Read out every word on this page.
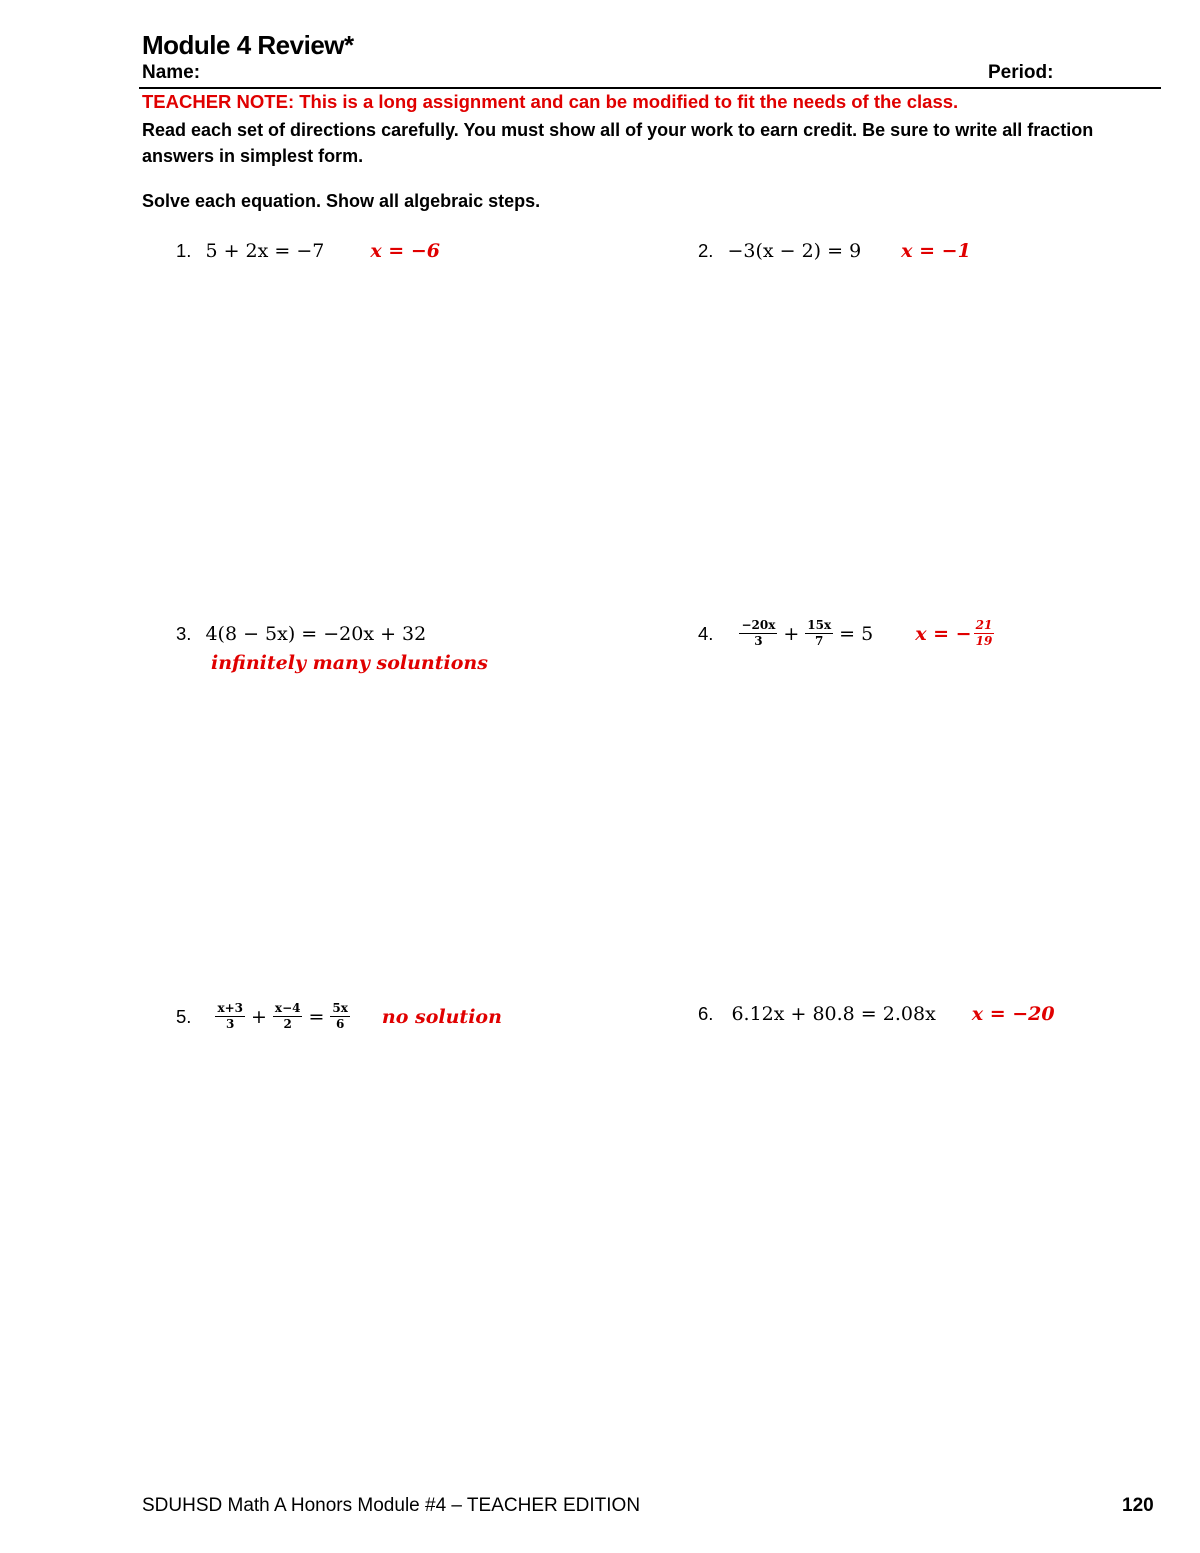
Module 4 Review*
Name:	Period:
TEACHER NOTE: This is a long assignment and can be modified to fit the needs of the class.
Read each set of directions carefully. You must show all of your work to earn credit. Be sure to write all fraction answers in simplest form.
Solve each equation. Show all algebraic steps.
1. 5 + 2x = −7 x = −6	2. −3(x − 2) = 9 x = −1
3. 4(8 − 5x) = −20x + 32
infinitely many soluntions
4. $\frac{-20x}{3} + \frac{15x}{7} = 5$ x = − $\frac{21}{19}$
5. $\frac{x+3}{3} + \frac{x-4}{2} = \frac{5x}{6}$ no solution	6. 6.12x + 80.8 = 2.08x x = −20
SDUHSD Math A Honors Module #4 – TEACHER EDITION	120
